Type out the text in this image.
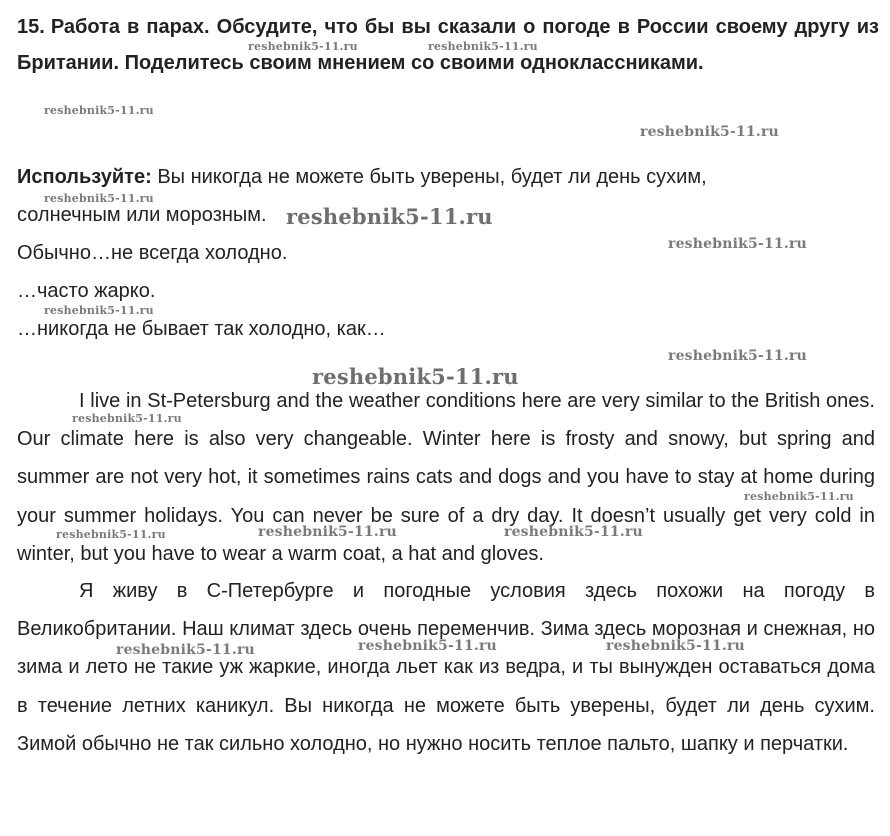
15. Работа в парах. Обсудите, что бы вы сказали о погоде в России своему другу из Британии. Поделитесь своим мнением со своими одноклассниками.
Используйте: Вы никогда не можете быть уверены, будет ли день сухим,
солнечным или морозным.
Обычно…не всегда холодно.
…часто жарко.
…никогда не бывает так холодно, как…

I live in St-Petersburg and the weather conditions here are very similar to the British ones. Our climate here is also very changeable. Winter here is frosty and snowy, but spring and summer are not very hot, it sometimes rains cats and dogs and you have to stay at home during your summer holidays. You can never be sure of a dry day. It doesn’t usually get very cold in winter, but you have to wear a warm coat, a hat and gloves.

Я живу в С-Петербурге и погодные условия здесь похожи на погоду в Великобритании. Наш климат здесь очень переменчив. Зима здесь морозная и снежная, но зима и лето не такие уж жаркие, иногда льет как из ведра, и ты вынужден оставаться дома в течение летних каникул. Вы никогда не можете быть уверены, будет ли день сухим. Зимой обычно не так сильно холодно, но нужно носить теплое пальто, шапку и перчатки.

reshebnik5-11.ru	reshebnik5-11.ru
reshebnik5-11.ru
reshebnik5-11.ru
reshebnik5-11.ru
reshebnik5-11.ru
reshebnik5-11.ru
reshebnik5-11.ru
reshebnik5-11.ru
reshebnik5-11.ru
reshebnik5-11.ru
reshebnik5-11.ru
reshebnik5-11.ru	reshebnik5-11.ru	reshebnik5-11.ru
reshebnik5-11.ru	reshebnik5-11.ru	reshebnik5-11.ru
